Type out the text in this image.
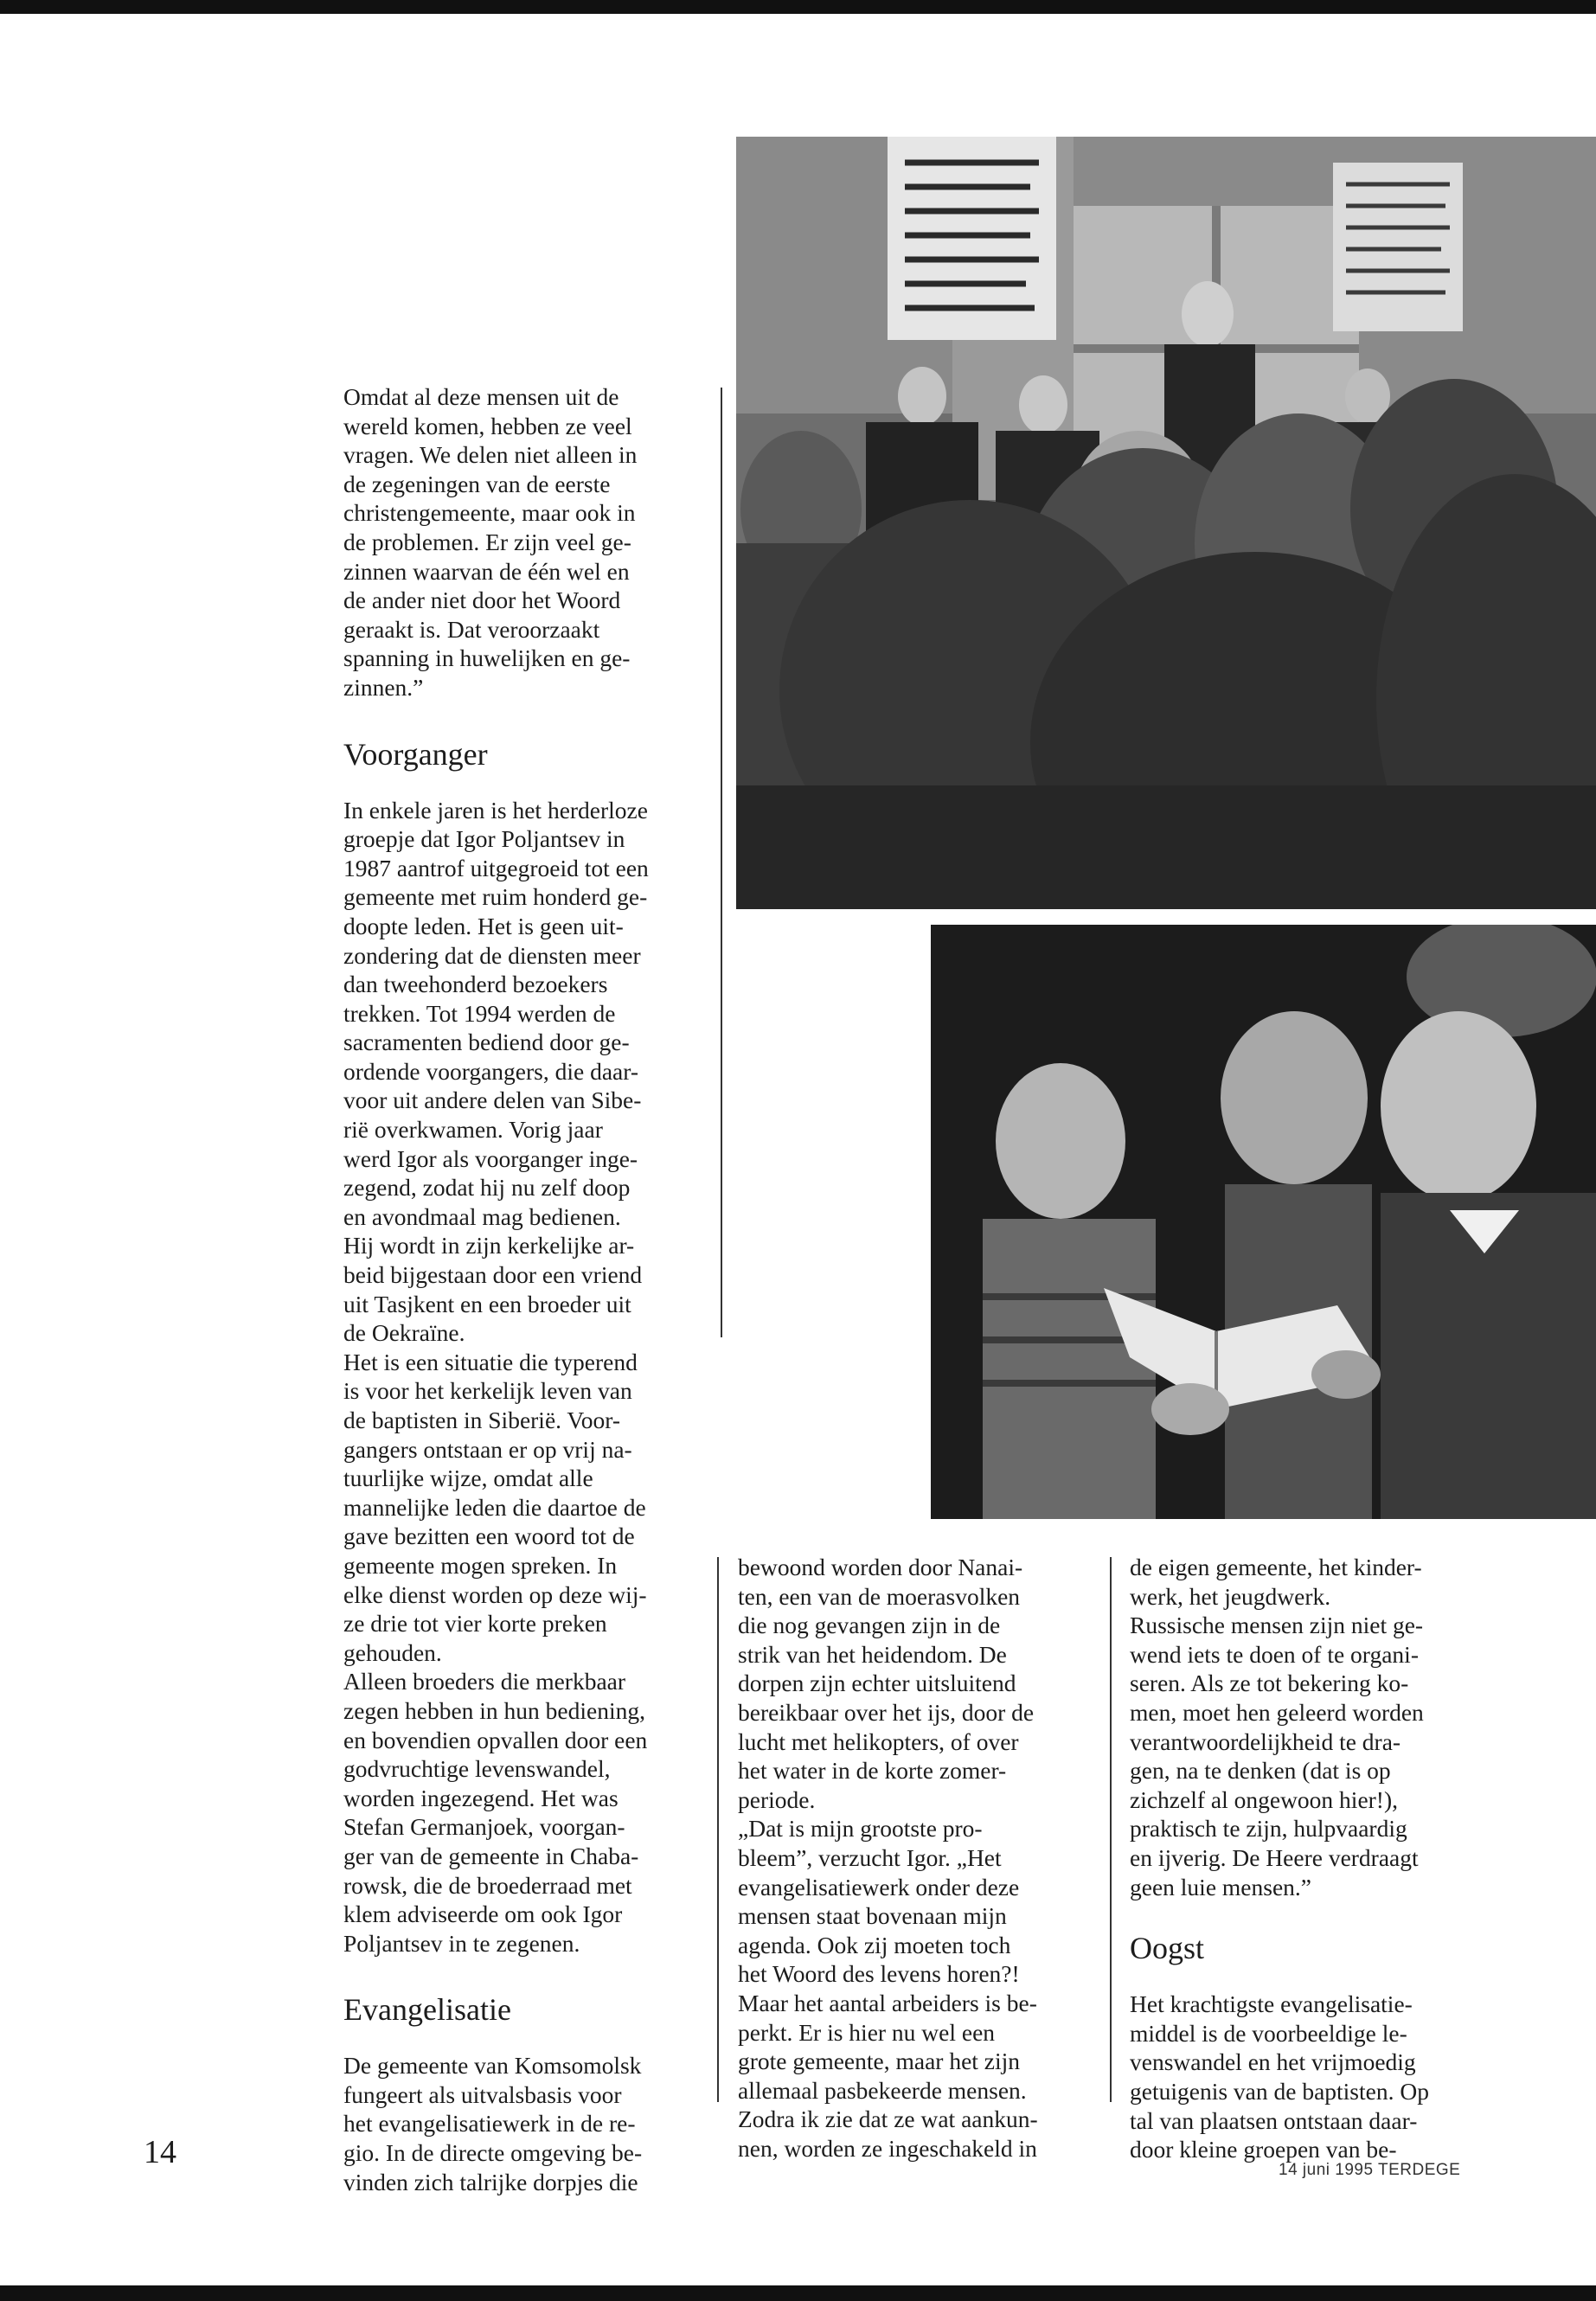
Omdat al deze mensen uit de
wereld komen, hebben ze veel
vragen. We delen niet alleen in
de zegeningen van de eerste
christengemeente, maar ook in
de problemen. Er zijn veel ge-
zinnen waarvan de één wel en
de ander niet door het Woord
geraakt is. Dat veroorzaakt
spanning in huwelijken en ge-
zinnen.”

Voorganger

In enkele jaren is het herderloze
groepje dat Igor Poljantsev in
1987 aantrof uitgegroeid tot een
gemeente met ruim honderd ge-
doopte leden. Het is geen uit-
zondering dat de diensten meer
dan tweehonderd bezoekers
trekken. Tot 1994 werden de
sacramenten bediend door ge-
ordende voorgangers, die daar-
voor uit andere delen van Sibe-
rië overkwamen. Vorig jaar
werd Igor als voorganger inge-
zegend, zodat hij nu zelf doop
en avondmaal mag bedienen.
Hij wordt in zijn kerkelijke ar-
beid bijgestaan door een vriend
uit Tasjkent en een broeder uit
de Oekraïne.
Het is een situatie die typerend
is voor het kerkelijk leven van
de baptisten in Siberië. Voor-
gangers ontstaan er op vrij na-
tuurlijke wijze, omdat alle
mannelijke leden die daartoe de
gave bezitten een woord tot de
gemeente mogen spreken. In
elke dienst worden op deze wij-
ze drie tot vier korte preken
gehouden.
Alleen broeders die merkbaar
zegen hebben in hun bediening,
en bovendien opvallen door een
godvruchtige levenswandel,
worden ingezegend. Het was
Stefan Germanjoek, voorgan-
ger van de gemeente in Chaba-
rowsk, die de broederraad met
klem adviseerde om ook Igor
Poljantsev in te zegenen.

Evangelisatie

De gemeente van Komsomolsk
fungeert als uitvalsbasis voor
het evangelisatiewerk in de re-
gio. In de directe omgeving be-
vinden zich talrijke dorpjes die

bewoond worden door Nanai-
ten, een van de moerasvolken
die nog gevangen zijn in de
strik van het heidendom. De
dorpen zijn echter uitsluitend
bereikbaar over het ijs, door de
lucht met helikopters, of over
het water in de korte zomer-
periode.
„Dat is mijn grootste pro-
bleem”, verzucht Igor. „Het
evangelisatiewerk onder deze
mensen staat bovenaan mijn
agenda. Ook zij moeten toch
het Woord des levens horen?!
Maar het aantal arbeiders is be-
perkt. Er is hier nu wel een
grote gemeente, maar het zijn
allemaal pasbekeerde mensen.
Zodra ik zie dat ze wat aankun-
nen, worden ze ingeschakeld in

de eigen gemeente, het kinder-
werk, het jeugdwerk.
Russische mensen zijn niet ge-
wend iets te doen of te organi-
seren. Als ze tot bekering ko-
men, moet hen geleerd worden
verantwoordelijkheid te dra-
gen, na te denken (dat is op
zichzelf al ongewoon hier!),
praktisch te zijn, hulpvaardig
en ijverig. De Heere verdraagt
geen luie mensen.”

Oogst

Het krachtigste evangelisatie-
middel is de voorbeeldige le-
venswandel en het vrijmoedig
getuigenis van de baptisten. Op
tal van plaatsen ontstaan daar-
door kleine groepen van be-

14	14 juni 1995 TERDEGE
